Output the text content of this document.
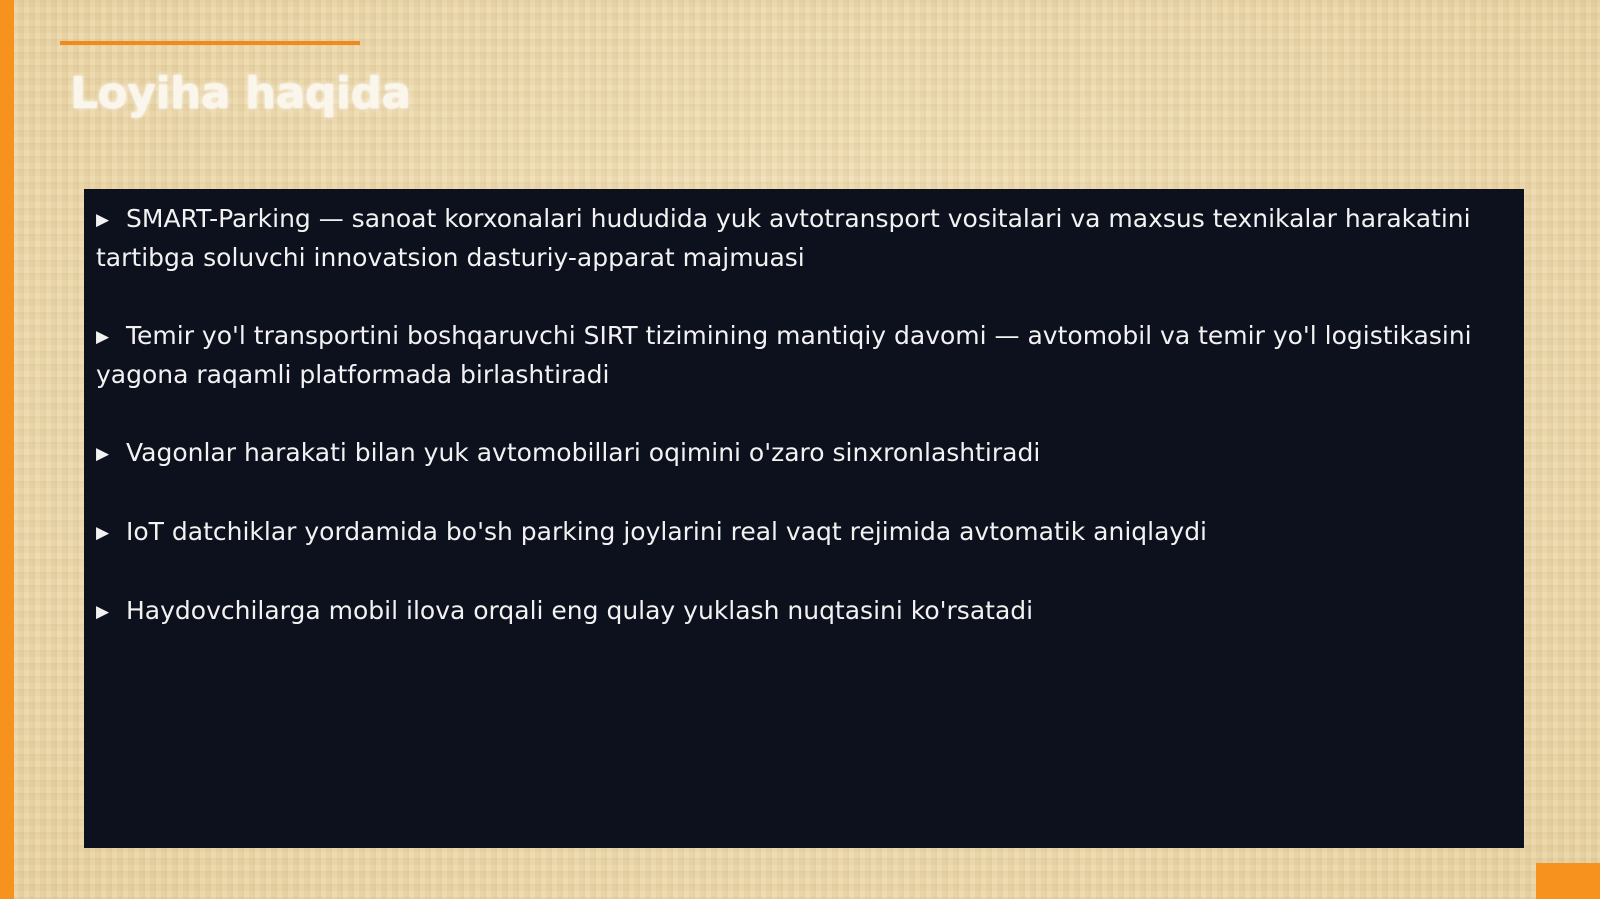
Loyiha haqida
▶ SMART-Parking — sanoat korxonalari hududida yuk avtotransport vositalari va maxsus texnikalar harakatini tartibga soluvchi innovatsion dasturiy-apparat majmuasi
▶ Temir yo'l transportini boshqaruvchi SIRT tizimining mantiqiy davomi — avtomobil va temir yo'l logistikasini yagona raqamli platformada birlashtiradi
▶ Vagonlar harakati bilan yuk avtomobillari oqimini o'zaro sinxronlashtiradi
▶ IoT datchiklar yordamida bo'sh parking joylarini real vaqt rejimida avtomatik aniqlaydi
▶ Haydovchilarga mobil ilova orqali eng qulay yuklash nuqtasini ko'rsatadi
